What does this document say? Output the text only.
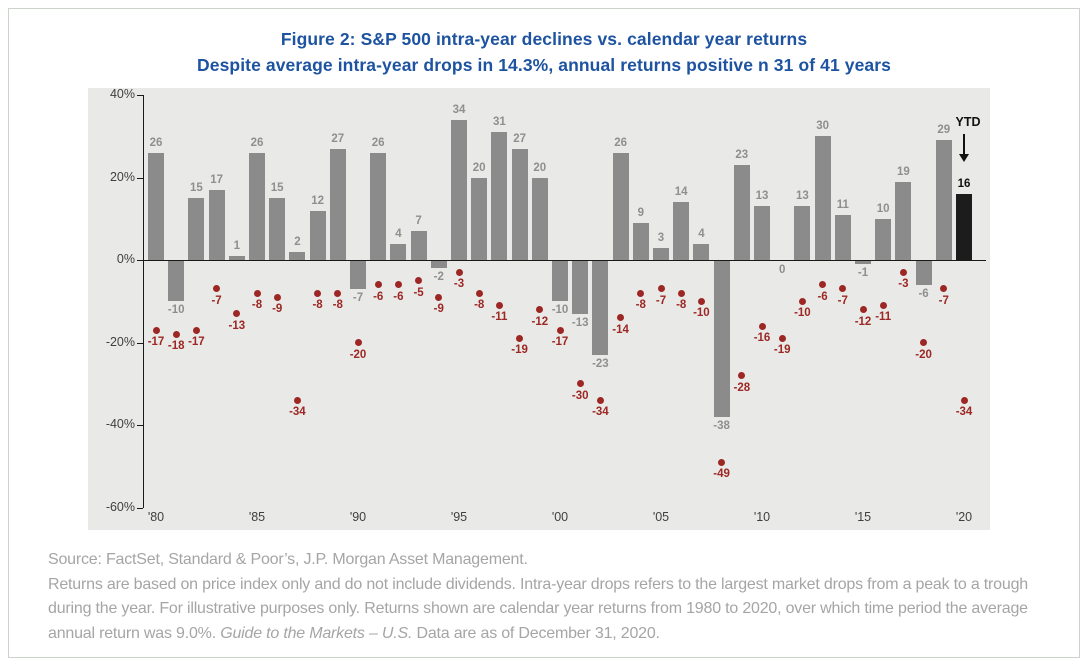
Figure 2: S&P 500 intra-year declines vs. calendar year returns
Despite average intra-year drops in 14.3%, annual returns positive n 31 of 41 years
40%
20%
0%
-20%
-40%
-60%
'80	'85	'90	'95	'00	'05	'10	'15	'20
26
-17
-10
-18
15
-17
17
-7
1
-13
26
-8
15
-9
2
-34
12
-8
27
-8
-7
-20
26
-6
4
-6
7
-5
-2
-9
34
-3
20
-8
31
-11
27
-19
20
-12
-10
-17
-13
-30
-23
-34
26
-14
9
-8
3
-7
14
-8
4
-10
-38
-49
23
-28
13
-16
0
-19
13
-10
30
-6
11
-7
-1
-12
10
-11
19
-3
-6
-20
29
-7
16
-34
YTD
Source: FactSet, Standard & Poor’s, J.P. Morgan Asset Management.
Returns are based on price index only and do not include dividends. Intra-year drops refers to the largest market drops from a peak to a trough during the year. For illustrative purposes only. Returns shown are calendar year returns from 1980 to 2020, over which time period the average annual return was 9.0%. Guide to the Markets – U.S. Data are as of December 31, 2020.
